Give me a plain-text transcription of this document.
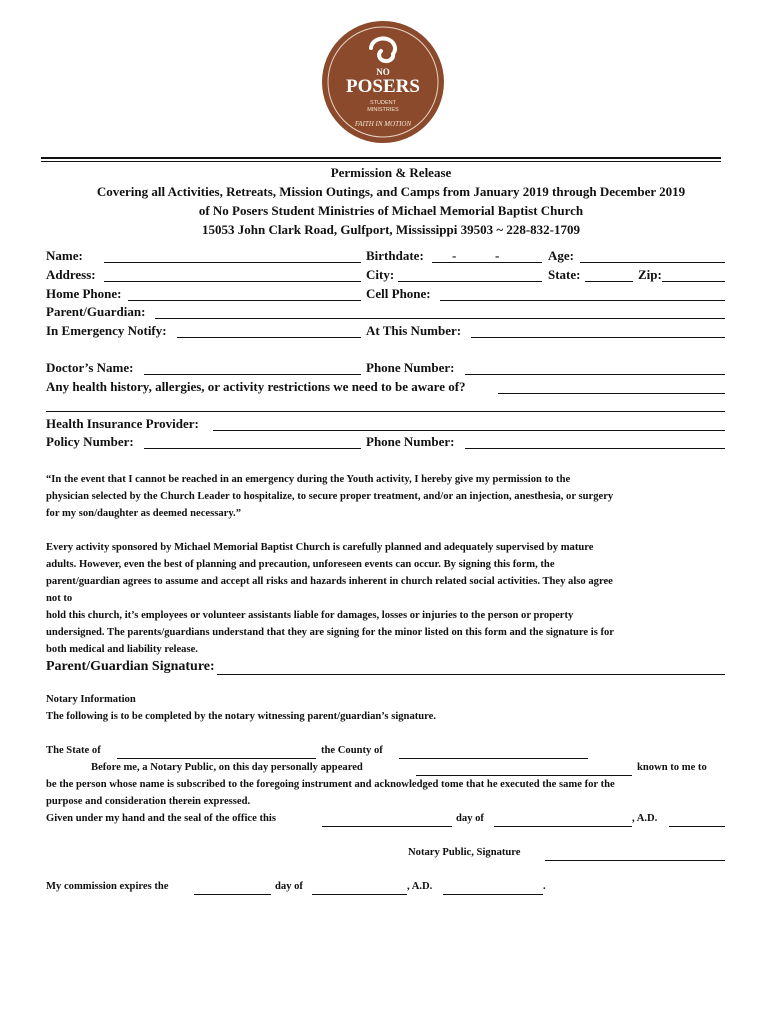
NO
POSERS
STUDENT
MINISTRIES
FAITH IN MOTION
Permission & Release
Covering all Activities, Retreats, Mission Outings, and Camps from January 2019 through December 2019
of No Posers Student Ministries of Michael Memorial Baptist Church
15053 John Clark Road, Gulfport, Mississippi 39503 ~ 228-832-1709
Name:	Birthdate: -	-	Age:
Address:	City:	State:	Zip:
Home Phone:	Cell Phone:
Parent/Guardian:
In Emergency Notify:	At This Number:
Doctor’s Name:	Phone Number:
Any health history, allergies, or activity restrictions we need to be aware of?
Health Insurance Provider:
Policy Number:	Phone Number:
“In the event that I cannot be reached in an emergency during the Youth activity, I hereby give my permission to the
physician selected by the Church Leader to hospitalize, to secure proper treatment, and/or an injection, anesthesia, or surgery
for my son/daughter as deemed necessary.”
Every activity sponsored by Michael Memorial Baptist Church is carefully planned and adequately supervised by mature
adults. However, even the best of planning and precaution, unforeseen events can occur. By signing this form, the
parent/guardian agrees to assume and accept all risks and hazards inherent in church related social activities. They also agree
not to
hold this church, it’s employees or volunteer assistants liable for damages, losses or injuries to the person or property
undersigned. The parents/guardians understand that they are signing for the minor listed on this form and the signature is for
both medical and liability release.
Parent/Guardian Signature:
Notary Information
The following is to be completed by the notary witnessing parent/guardian’s signature.
The State of	the County of
Before me, a Notary Public, on this day personally appeared	known to me to
be the person whose name is subscribed to the foregoing instrument and acknowledged tome that he executed the same for the
purpose and consideration therein expressed.
Given under my hand and the seal of the office this	day of	, A.D.
Notary Public, Signature
My commission expires the	day of	, A.D.	.
